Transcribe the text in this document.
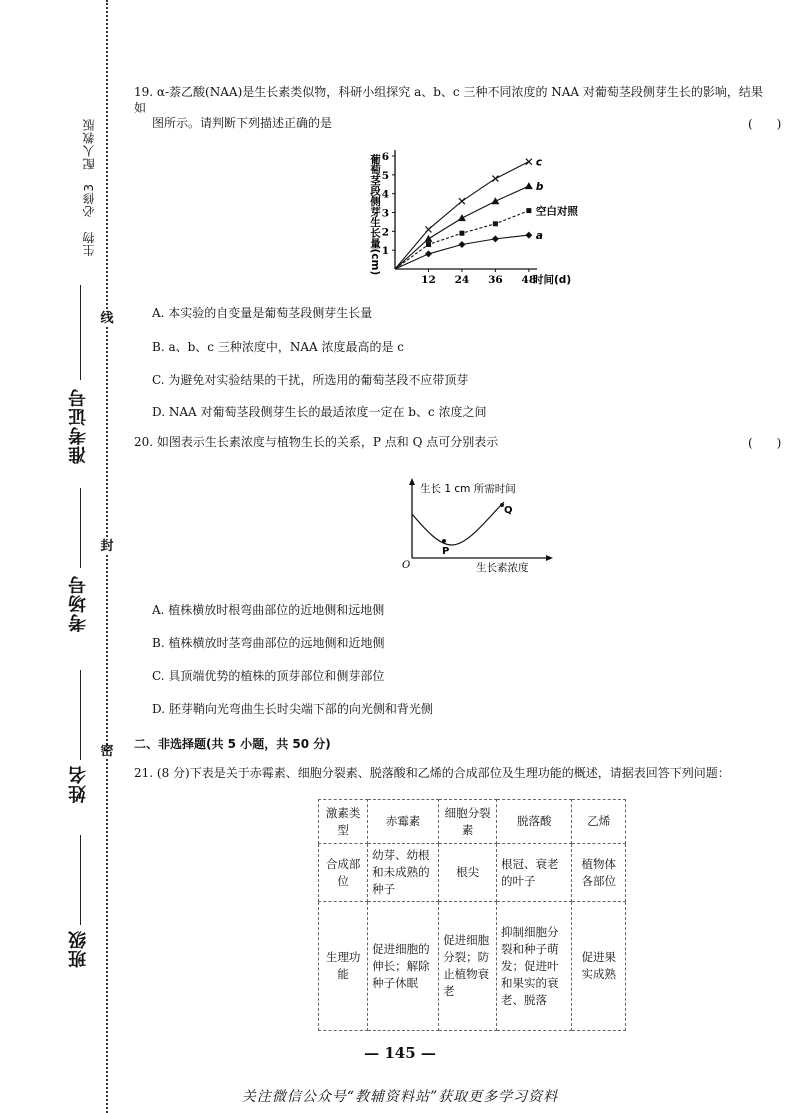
线
封
密
生物　必修3　配人教版
准考证号
考场号
姓名
班级
19. α-萘乙酸(NAA)是生长素类似物，科研小组探究 a、b、c 三种不同浓度的 NAA 对葡萄茎段侧芽生长的影响，结果如
图所示。请判断下列描述正确的是	(　　)
葡萄茎段侧芽生长量(cm) 1
2
3
4
5
6
12 24 36 48
c
b
空白对照
a
时间(d)
A. 本实验的自变量是葡萄茎段侧芽生长量
B. a、b、c 三种浓度中，NAA 浓度最高的是 c
C. 为避免对实验结果的干扰，所选用的葡萄茎段不应带顶芽
D. NAA 对葡萄茎段侧芽生长的最适浓度一定在 b、c 浓度之间
20. 如图表示生长素浓度与植物生长的关系，P 点和 Q 点可分别表示	(　　)
生长 1 cm 所需时间
P
Q
O	生长素浓度
A. 植株横放时根弯曲部位的近地侧和远地侧
B. 植株横放时茎弯曲部位的远地侧和近地侧
C. 具顶端优势的植株的顶芽部位和侧芽部位
D. 胚芽鞘向光弯曲生长时尖端下部的向光侧和背光侧
二、非选择题(共 5 小题，共 50 分)
21. (8 分)下表是关于赤霉素、细胞分裂素、脱落酸和乙烯的合成部位及生理功能的概述，请据表回答下列问题：
激素类型	赤霉素	细胞分裂素	脱落酸	乙烯
合成部位	幼芽、幼根和未成熟的种子	根尖	根冠、衰老的叶子	植物体各部位
生理功能	促进细胞的伸长；解除种子休眠	促进细胞分裂；防止植物衰老	抑制细胞分裂和种子萌发；促进叶和果实的衰老、脱落	促进果实成熟
— 145 —
关注微信公众号“教辅资料站”获取更多学习资料
